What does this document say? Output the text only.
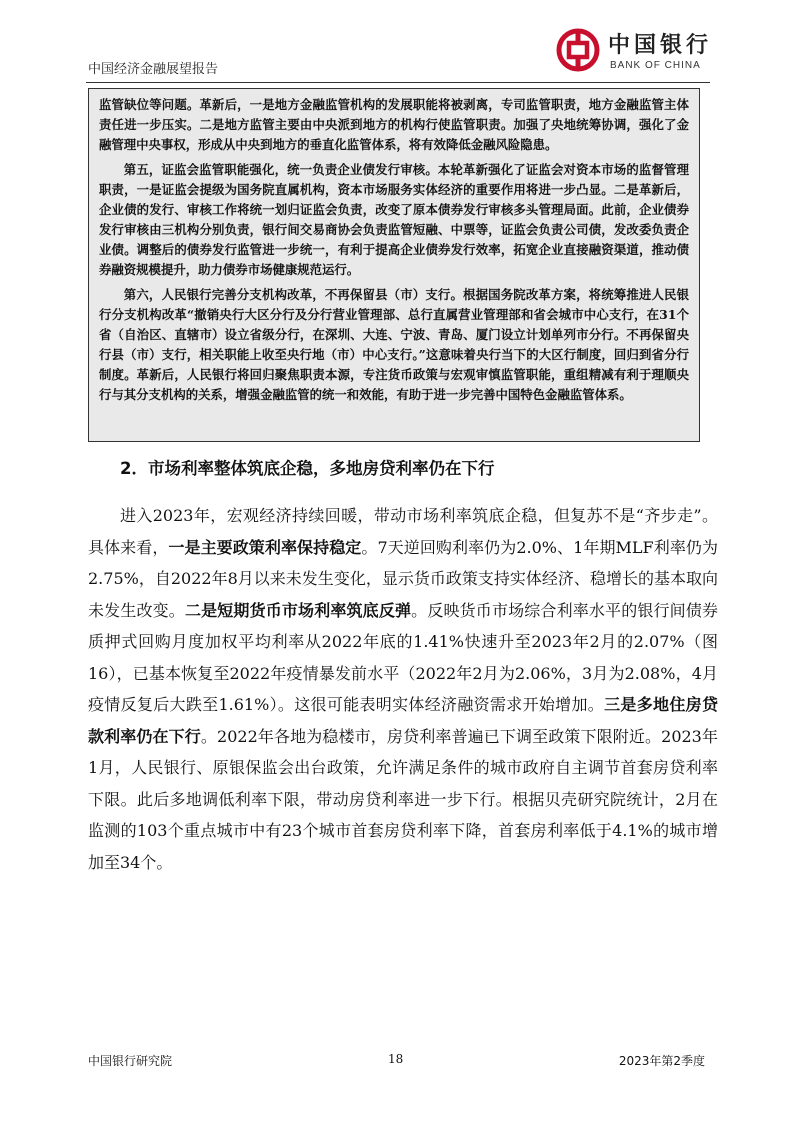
中国经济金融展望报告
中国银行
BANK OF CHINA

监管缺位等问题。革新后，一是地方金融监管机构的发展职能将被剥离，专司监管职责，地方金融监管主体责任进一步压实。二是地方监管主要由中央派到地方的机构行使监管职责。加强了央地统筹协调，强化了金融管理中央事权，形成从中央到地方的垂直化监管体系，将有效降低金融风险隐患。

第五，证监会监管职能强化，统一负责企业债发行审核。本轮革新强化了证监会对资本市场的监督管理职责，一是证监会提级为国务院直属机构，资本市场服务实体经济的重要作用将进一步凸显。二是革新后，企业债的发行、审核工作将统一划归证监会负责，改变了原本债券发行审核多头管理局面。此前，企业债券发行审核由三机构分别负责，银行间交易商协会负责监管短融、中票等，证监会负责公司债，发改委负责企业债。调整后的债券发行监管进一步统一，有利于提高企业债券发行效率，拓宽企业直接融资渠道，推动债券融资规模提升，助力债券市场健康规范运行。

第六，人民银行完善分支机构改革，不再保留县（市）支行。根据国务院改革方案，将统筹推进人民银行分支机构改革“撤销央行大区分行及分行营业管理部、总行直属营业管理部和省会城市中心支行，在31个省（自治区、直辖市）设立省级分行，在深圳、大连、宁波、青岛、厦门设立计划单列市分行。不再保留央行县（市）支行，相关职能上收至央行地（市）中心支行。”这意味着央行当下的大区行制度，回归到省分行制度。革新后，人民银行将回归聚焦职责本源，专注货币政策与宏观审慎监管职能，重组精减有利于理顺央行与其分支机构的关系，增强金融监管的统一和效能，有助于进一步完善中国特色金融监管体系。

2．市场利率整体筑底企稳，多地房贷利率仍在下行
进入2023年，宏观经济持续回暖，带动市场利率筑底企稳，但复苏不是“齐步走”。具体来看，一是主要政策利率保持稳定。7天逆回购利率仍为2.0%、1年期MLF利率仍为2.75%，自2022年8月以来未发生变化，显示货币政策支持实体经济、稳增长的基本取向未发生改变。二是短期货币市场利率筑底反弹。反映货币市场综合利率水平的银行间债券质押式回购月度加权平均利率从2022年底的1.41%快速升至2023年2月的2.07%（图16），已基本恢复至2022年疫情暴发前水平（2022年2月为2.06%，3月为2.08%，4月疫情反复后大跌至1.61%）。这很可能表明实体经济融资需求开始增加。三是多地住房贷款利率仍在下行。2022年各地为稳楼市，房贷利率普遍已下调至政策下限附近。2023年1月，人民银行、原银保监会出台政策，允许满足条件的城市政府自主调节首套房贷利率下限。此后多地调低利率下限，带动房贷利率进一步下行。根据贝壳研究院统计，2月在监测的103个重点城市中有23个城市首套房贷利率下降，首套房利率低于4.1%的城市增加至34个。
中国银行研究院	18	2023年第2季度
